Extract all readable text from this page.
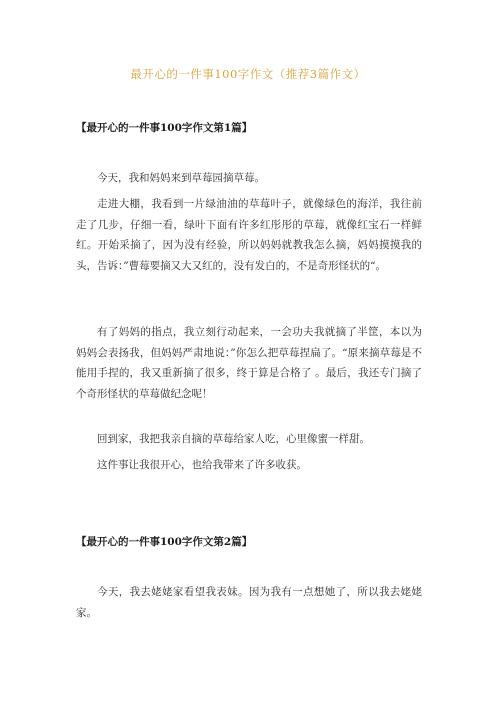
最开心的一件事100字作文（推荐3篇作文）
【最开心的一件事100字作文第1篇】

今天，我和妈妈来到草莓园摘草莓。

走进大棚，我看到一片绿油油的草莓叶子，就像绿色的海洋，我往前走了几步，仔细一看，绿叶下面有许多红彤彤的草莓，就像红宝石一样鲜红。开始采摘了，因为没有经验，所以妈妈就教我怎么摘，妈妈摸摸我的头，告诉：”曹莓要摘又大又红的，没有发白的，不是奇形怪状的“。

有了妈妈的指点，我立刻行动起来，一会功夫我就摘了半筐，本以为妈妈会表扬我，但妈妈严肃地说：”你怎么把草莓捏扁了。“原来摘草莓是不能用手捏的，我又重新摘了很多，终于算是合格了 。最后，我还专门摘了个奇形怪状的草莓做纪念呢！

回到家，我把我亲自摘的草莓给家人吃，心里像蜜一样甜。

这件事让我很开心，也给我带来了许多收获。

【最开心的一件事100字作文第2篇】

今天，我去姥姥家看望我表妹。因为我有一点想她了，所以我去姥姥家。
